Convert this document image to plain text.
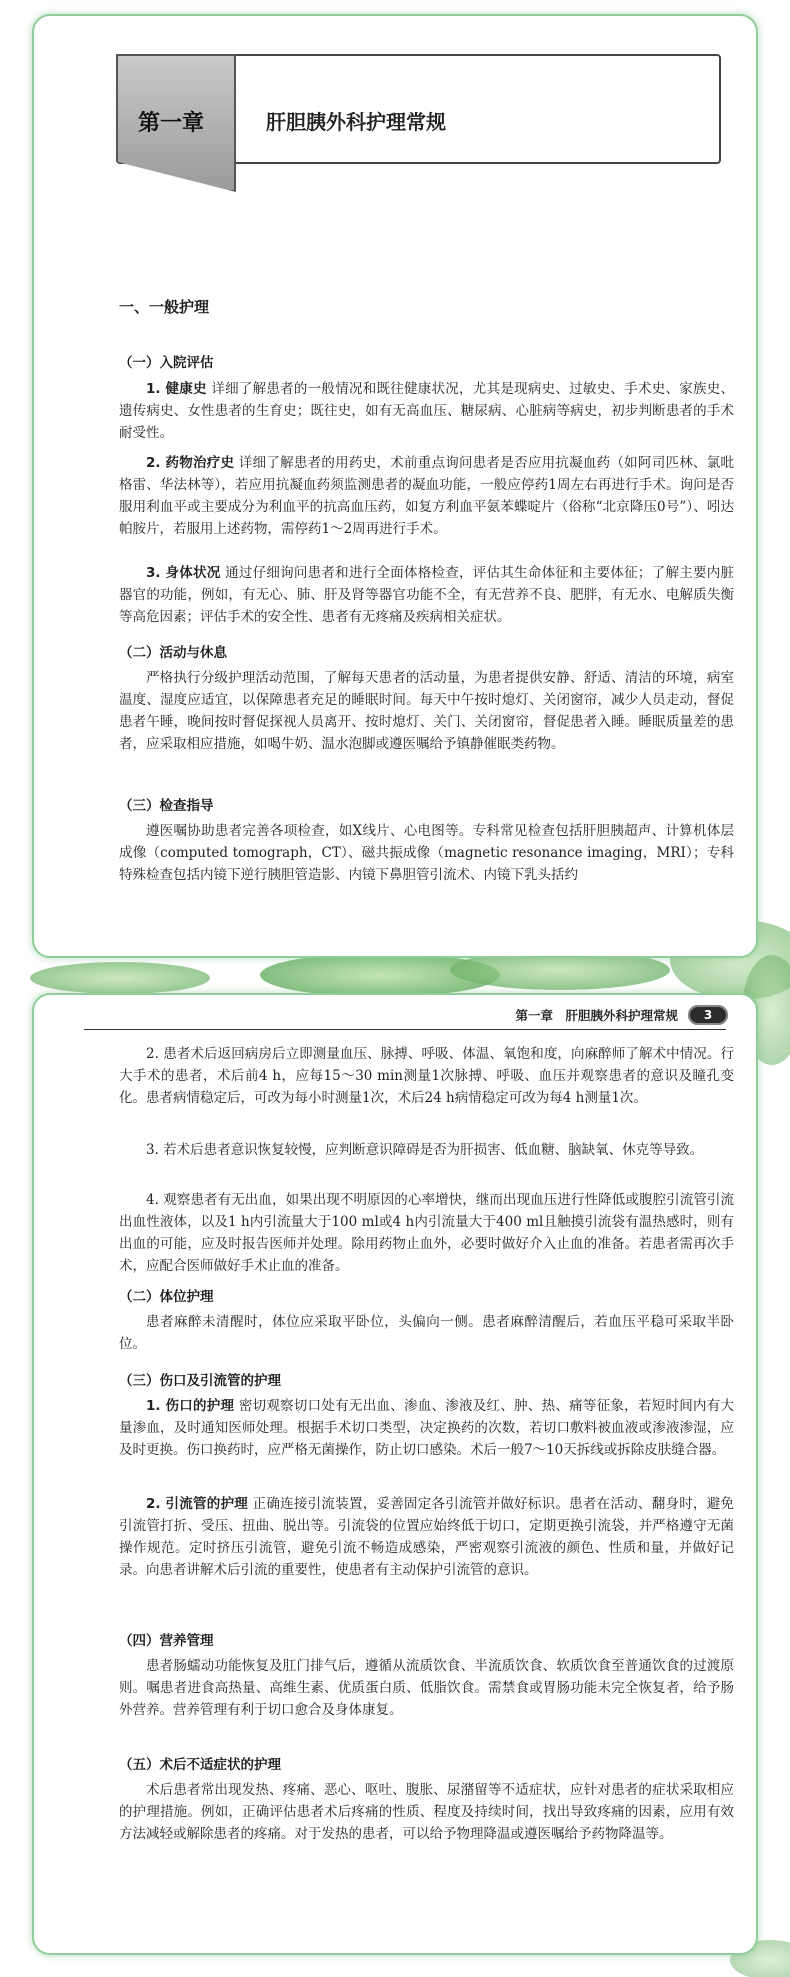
第一章	肝胆胰外科护理常规
一、一般护理
（一）入院评估
1. 健康史 详细了解患者的一般情况和既往健康状况，尤其是现病史、过敏史、手术史、家族史、遗传病史、女性患者的生育史；既往史，如有无高血压、糖尿病、心脏病等病史，初步判断患者的手术耐受性。
2. 药物治疗史 详细了解患者的用药史，术前重点询问患者是否应用抗凝血药（如阿司匹林、氯吡格雷、华法林等），若应用抗凝血药须监测患者的凝血功能，一般应停药1周左右再进行手术。询问是否服用利血平或主要成分为利血平的抗高血压药，如复方利血平氨苯蝶啶片（俗称“北京降压0号”）、吲达帕胺片，若服用上述药物，需停药1～2周再进行手术。
3. 身体状况 通过仔细询问患者和进行全面体格检查，评估其生命体征和主要体征；了解主要内脏器官的功能，例如，有无心、肺、肝及肾等器官功能不全，有无营养不良、肥胖，有无水、电解质失衡等高危因素；评估手术的安全性、患者有无疼痛及疾病相关症状。
（二）活动与休息
严格执行分级护理活动范围，了解每天患者的活动量，为患者提供安静、舒适、清洁的环境，病室温度、湿度应适宜，以保障患者充足的睡眠时间。每天中午按时熄灯、关闭窗帘，减少人员走动，督促患者午睡，晚间按时督促探视人员离开、按时熄灯、关门、关闭窗帘，督促患者入睡。睡眠质量差的患者，应采取相应措施，如喝牛奶、温水泡脚或遵医嘱给予镇静催眠类药物。
（三）检查指导
遵医嘱协助患者完善各项检查，如X线片、心电图等。专科常见检查包括肝胆胰超声、计算机体层成像（computed tomograph，CT）、磁共振成像（magnetic resonance imaging，MRI）；专科特殊检查包括内镜下逆行胰胆管造影、内镜下鼻胆管引流术、内镜下乳头括约
第一章　肝胆胰外科护理常规	3
2. 患者术后返回病房后立即测量血压、脉搏、呼吸、体温、氧饱和度，向麻醉师了解术中情况。行大手术的患者，术后前4 h，应每15～30 min测量1次脉搏、呼吸、血压并观察患者的意识及瞳孔变化。患者病情稳定后，可改为每小时测量1次，术后24 h病情稳定可改为每4 h测量1次。
3. 若术后患者意识恢复较慢，应判断意识障碍是否为肝损害、低血糖、脑缺氧、休克等导致。
4. 观察患者有无出血，如果出现不明原因的心率增快，继而出现血压进行性降低或腹腔引流管引流出血性液体，以及1 h内引流量大于100 ml或4 h内引流量大于400 ml且触摸引流袋有温热感时，则有出血的可能，应及时报告医师并处理。除用药物止血外，必要时做好介入止血的准备。若患者需再次手术，应配合医师做好手术止血的准备。
（二）体位护理
患者麻醉未清醒时，体位应采取平卧位，头偏向一侧。患者麻醉清醒后，若血压平稳可采取半卧位。
（三）伤口及引流管的护理
1. 伤口的护理 密切观察切口处有无出血、渗血、渗液及红、肿、热、痛等征象，若短时间内有大量渗血，及时通知医师处理。根据手术切口类型，决定换药的次数，若切口敷料被血液或渗液渗湿，应及时更换。伤口换药时，应严格无菌操作，防止切口感染。术后一般7～10天拆线或拆除皮肤缝合器。
2. 引流管的护理 正确连接引流装置，妥善固定各引流管并做好标识。患者在活动、翻身时，避免引流管打折、受压、扭曲、脱出等。引流袋的位置应始终低于切口，定期更换引流袋，并严格遵守无菌操作规范。定时挤压引流管，避免引流不畅造成感染，严密观察引流液的颜色、性质和量，并做好记录。向患者讲解术后引流的重要性，使患者有主动保护引流管的意识。
（四）营养管理
患者肠蠕动功能恢复及肛门排气后，遵循从流质饮食、半流质饮食、软质饮食至普通饮食的过渡原则。嘱患者进食高热量、高维生素、优质蛋白质、低脂饮食。需禁食或胃肠功能未完全恢复者，给予肠外营养。营养管理有利于切口愈合及身体康复。
（五）术后不适症状的护理
术后患者常出现发热、疼痛、恶心、呕吐、腹胀、尿潴留等不适症状，应针对患者的症状采取相应的护理措施。例如，正确评估患者术后疼痛的性质、程度及持续时间，找出导致疼痛的因素，应用有效方法减轻或解除患者的疼痛。对于发热的患者，可以给予物理降温或遵医嘱给予药物降温等。
